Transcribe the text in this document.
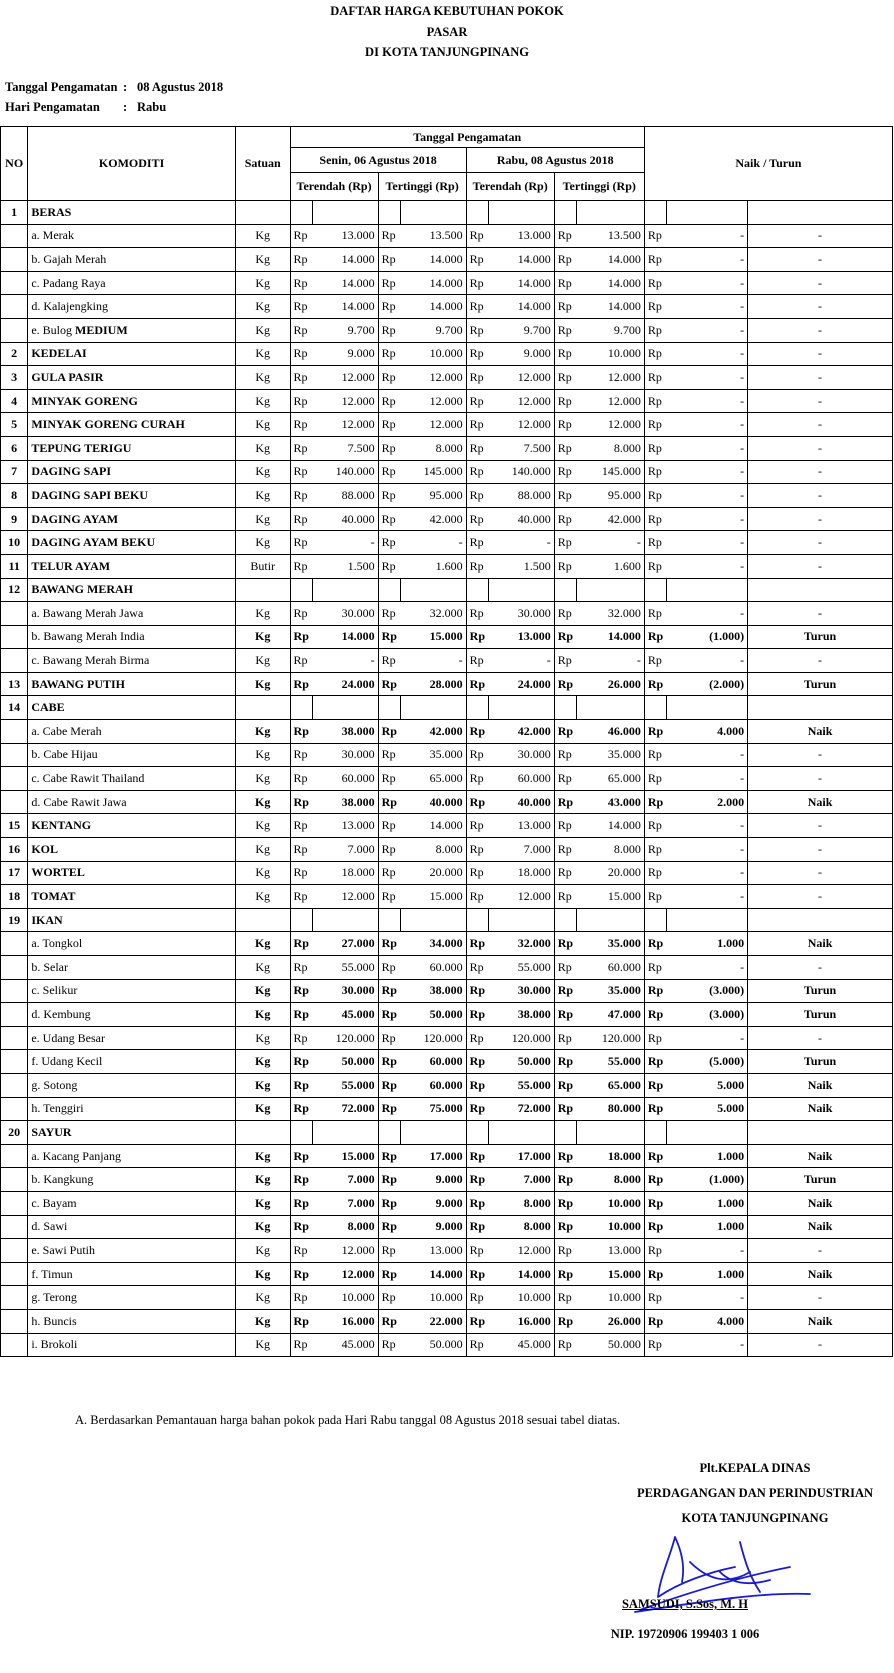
DAFTAR HARGA KEBUTUHAN POKOK
PASAR
DI KOTA TANJUNGPINANG
Tanggal Pengamatan : 08 Agustus 2018
Hari Pengamatan : Rabu
NO	KOMODITI	Satuan	Tanggal Pengamatan								Naik / Turun		
			Senin, 06 Agustus 2018				Rabu, 08 Agustus 2018						
			Terendah (Rp)		Tertinggi (Rp)		Terendah (Rp)		Tertinggi (Rp)				
1	BERAS												
	a. Merak	Kg	Rp	13.000	Rp	13.500	Rp	13.000	Rp	13.500	Rp	-	-
	b. Gajah Merah	Kg	Rp	14.000	Rp	14.000	Rp	14.000	Rp	14.000	Rp	-	-
	c. Padang Raya	Kg	Rp	14.000	Rp	14.000	Rp	14.000	Rp	14.000	Rp	-	-
	d. Kalajengking	Kg	Rp	14.000	Rp	14.000	Rp	14.000	Rp	14.000	Rp	-	-
	e. Bulog MEDIUM	Kg	Rp	9.700	Rp	9.700	Rp	9.700	Rp	9.700	Rp	-	-
2	KEDELAI	Kg	Rp	9.000	Rp	10.000	Rp	9.000	Rp	10.000	Rp	-	-
3	GULA PASIR	Kg	Rp	12.000	Rp	12.000	Rp	12.000	Rp	12.000	Rp	-	-
4	MINYAK GORENG	Kg	Rp	12.000	Rp	12.000	Rp	12.000	Rp	12.000	Rp	-	-
5	MINYAK GORENG CURAH	Kg	Rp	12.000	Rp	12.000	Rp	12.000	Rp	12.000	Rp	-	-
6	TEPUNG TERIGU	Kg	Rp	7.500	Rp	8.000	Rp	7.500	Rp	8.000	Rp	-	-
7	DAGING SAPI	Kg	Rp	140.000	Rp	145.000	Rp	140.000	Rp	145.000	Rp	-	-
8	DAGING SAPI BEKU	Kg	Rp	88.000	Rp	95.000	Rp	88.000	Rp	95.000	Rp	-	-
9	DAGING AYAM	Kg	Rp	40.000	Rp	42.000	Rp	40.000	Rp	42.000	Rp	-	-
10	DAGING AYAM BEKU	Kg	Rp	-	Rp	-	Rp	-	Rp	-	Rp	-	-
11	TELUR AYAM	Butir	Rp	1.500	Rp	1.600	Rp	1.500	Rp	1.600	Rp	-	-
12	BAWANG MERAH												
	a. Bawang Merah Jawa	Kg	Rp	30.000	Rp	32.000	Rp	30.000	Rp	32.000	Rp	-	-
	b. Bawang Merah India	Kg	Rp	14.000	Rp	15.000	Rp	13.000	Rp	14.000	Rp	(1.000)	Turun
	c. Bawang Merah Birma	Kg	Rp	-	Rp	-	Rp	-	Rp	-	Rp	-	-
13	BAWANG PUTIH	Kg	Rp	24.000	Rp	28.000	Rp	24.000	Rp	26.000	Rp	(2.000)	Turun
14	CABE												
	a. Cabe Merah	Kg	Rp	38.000	Rp	42.000	Rp	42.000	Rp	46.000	Rp	4.000	Naik
	b. Cabe Hijau	Kg	Rp	30.000	Rp	35.000	Rp	30.000	Rp	35.000	Rp	-	-
	c. Cabe Rawit Thailand	Kg	Rp	60.000	Rp	65.000	Rp	60.000	Rp	65.000	Rp	-	-
	d. Cabe Rawit Jawa	Kg	Rp	38.000	Rp	40.000	Rp	40.000	Rp	43.000	Rp	2.000	Naik
15	KENTANG	Kg	Rp	13.000	Rp	14.000	Rp	13.000	Rp	14.000	Rp	-	-
16	KOL	Kg	Rp	7.000	Rp	8.000	Rp	7.000	Rp	8.000	Rp	-	-
17	WORTEL	Kg	Rp	18.000	Rp	20.000	Rp	18.000	Rp	20.000	Rp	-	-
18	TOMAT	Kg	Rp	12.000	Rp	15.000	Rp	12.000	Rp	15.000	Rp	-	-
19	IKAN												
	a. Tongkol	Kg	Rp	27.000	Rp	34.000	Rp	32.000	Rp	35.000	Rp	1.000	Naik
	b. Selar	Kg	Rp	55.000	Rp	60.000	Rp	55.000	Rp	60.000	Rp	-	-
	c. Selikur	Kg	Rp	30.000	Rp	38.000	Rp	30.000	Rp	35.000	Rp	(3.000)	Turun
	d. Kembung	Kg	Rp	45.000	Rp	50.000	Rp	38.000	Rp	47.000	Rp	(3.000)	Turun
	e. Udang Besar	Kg	Rp	120.000	Rp	120.000	Rp	120.000	Rp	120.000	Rp	-	-
	f. Udang Kecil	Kg	Rp	50.000	Rp	60.000	Rp	50.000	Rp	55.000	Rp	(5.000)	Turun
	g. Sotong	Kg	Rp	55.000	Rp	60.000	Rp	55.000	Rp	65.000	Rp	5.000	Naik
	h. Tenggiri	Kg	Rp	72.000	Rp	75.000	Rp	72.000	Rp	80.000	Rp	5.000	Naik
20	SAYUR												
	a. Kacang Panjang	Kg	Rp	15.000	Rp	17.000	Rp	17.000	Rp	18.000	Rp	1.000	Naik
	b. Kangkung	Kg	Rp	7.000	Rp	9.000	Rp	7.000	Rp	8.000	Rp	(1.000)	Turun
	c. Bayam	Kg	Rp	7.000	Rp	9.000	Rp	8.000	Rp	10.000	Rp	1.000	Naik
	d. Sawi	Kg	Rp	8.000	Rp	9.000	Rp	8.000	Rp	10.000	Rp	1.000	Naik
	e. Sawi Putih	Kg	Rp	12.000	Rp	13.000	Rp	12.000	Rp	13.000	Rp	-	-
	f. Timun	Kg	Rp	12.000	Rp	14.000	Rp	14.000	Rp	15.000	Rp	1.000	Naik
	g. Terong	Kg	Rp	10.000	Rp	10.000	Rp	10.000	Rp	10.000	Rp	-	-
	h. Buncis	Kg	Rp	16.000	Rp	22.000	Rp	16.000	Rp	26.000	Rp	4.000	Naik
	i. Brokoli	Kg	Rp	45.000	Rp	50.000	Rp	45.000	Rp	50.000	Rp	-	-
A. Berdasarkan Pemantauan harga bahan pokok pada Hari Rabu tanggal 08 Agustus 2018 sesuai tabel diatas.
Plt.KEPALA DINAS
PERDAGANGAN DAN PERINDUSTRIAN
KOTA TANJUNGPINANG
SAMSUDI, S.Sos, M. H
NIP. 19720906 199403 1 006
